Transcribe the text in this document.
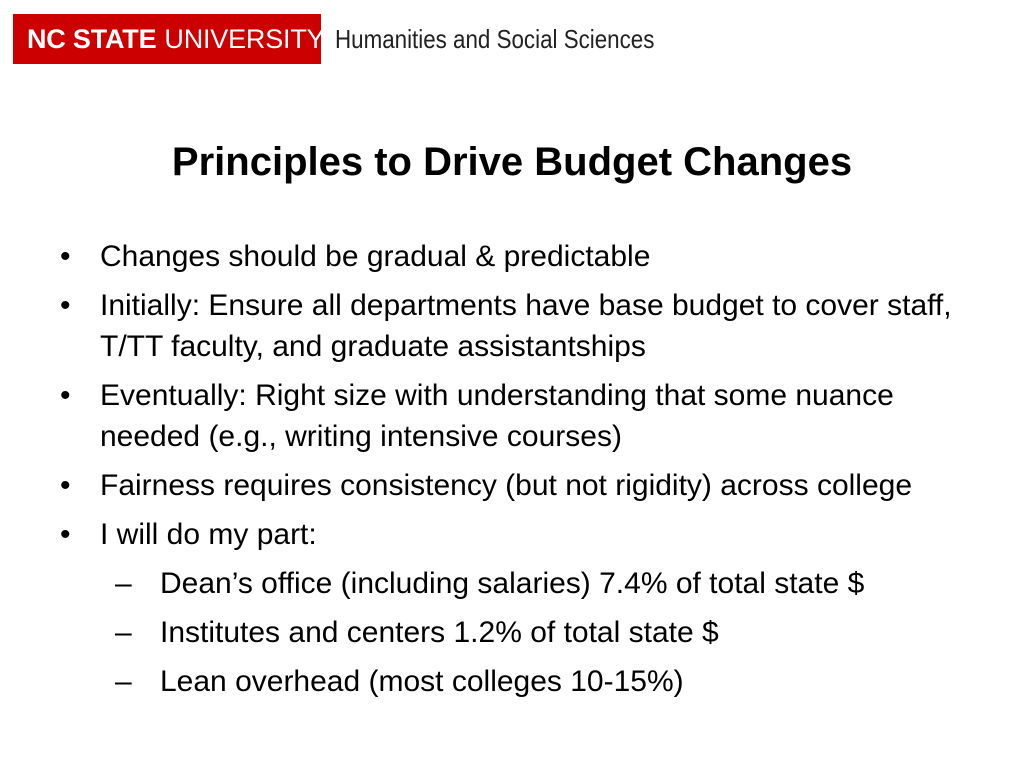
NC STATE UNIVERSITY Humanities and Social Sciences
Principles to Drive Budget Changes
• Changes should be gradual & predictable
• Initially: Ensure all departments have base budget to cover staff, T/TT faculty, and graduate assistantships
• Eventually: Right size with understanding that some nuance needed (e.g., writing intensive courses)
• Fairness requires consistency (but not rigidity) across college
• I will do my part:
– Dean’s office (including salaries) 7.4% of total state $
– Institutes and centers 1.2% of total state $
– Lean overhead (most colleges 10-15%)
